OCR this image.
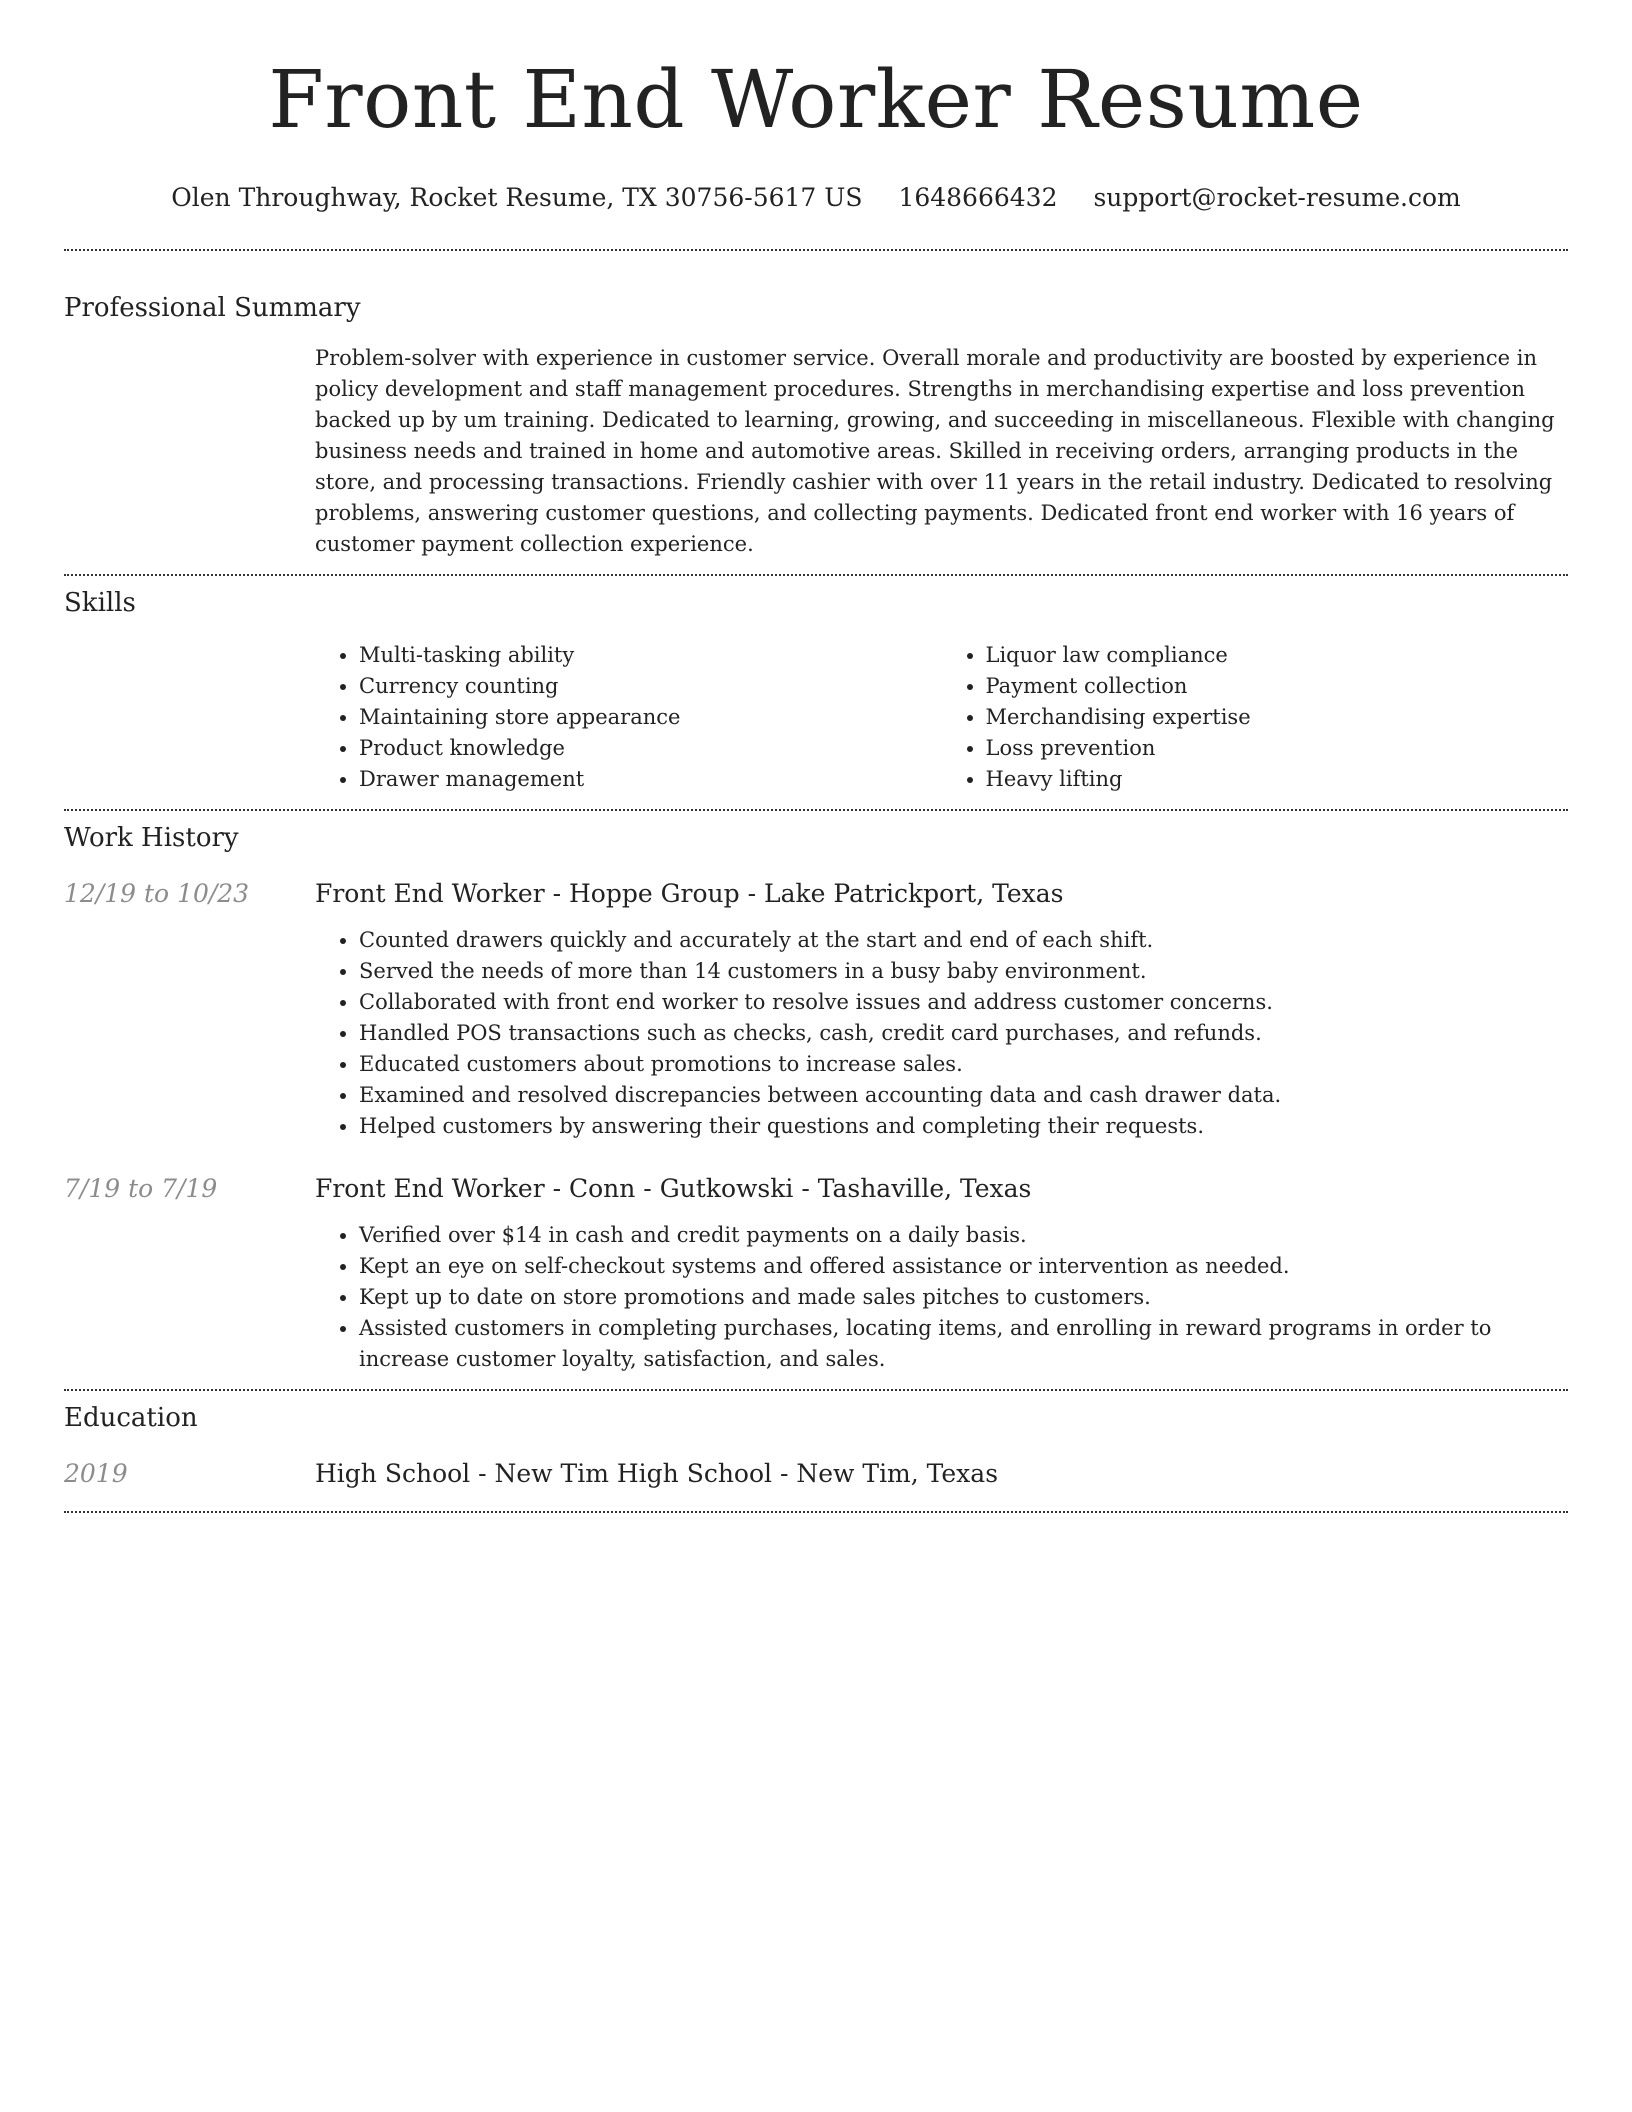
Front End Worker Resume
Olen Throughway, Rocket Resume, TX 30756-5617 US 1648666432 support@rocket-resume.com
Professional Summary

Problem-solver with experience in customer service. Overall morale and productivity are boosted by experience in policy development and staff management procedures. Strengths in merchandising expertise and loss prevention backed up by um training. Dedicated to learning, growing, and succeeding in miscellaneous. Flexible with changing business needs and trained in home and automotive areas. Skilled in receiving orders, arranging products in the store, and processing transactions. Friendly cashier with over 11 years in the retail industry. Dedicated to resolving problems, answering customer questions, and collecting payments. Dedicated front end worker with 16 years of customer payment collection experience.

Skills
• Multi-tasking ability
• Currency counting
• Maintaining store appearance
• Product knowledge
• Drawer management
• Liquor law compliance
• Payment collection
• Merchandising expertise
• Loss prevention
• Heavy lifting
Work History
12/19 to 10/23	Front End Worker - Hoppe Group - Lake Patrickport, Texas
• Counted drawers quickly and accurately at the start and end of each shift.
• Served the needs of more than 14 customers in a busy baby environment.
• Collaborated with front end worker to resolve issues and address customer concerns.
• Handled POS transactions such as checks, cash, credit card purchases, and refunds.
• Educated customers about promotions to increase sales.
• Examined and resolved discrepancies between accounting data and cash drawer data.
• Helped customers by answering their questions and completing their requests.
7/19 to 7/19	Front End Worker - Conn - Gutkowski - Tashaville, Texas
• Verified over $14 in cash and credit payments on a daily basis.
• Kept an eye on self-checkout systems and offered assistance or intervention as needed.
• Kept up to date on store promotions and made sales pitches to customers.
• Assisted customers in completing purchases, locating items, and enrolling in reward programs in order to increase customer loyalty, satisfaction, and sales.
Education
2019	High School - New Tim High School - New Tim, Texas
